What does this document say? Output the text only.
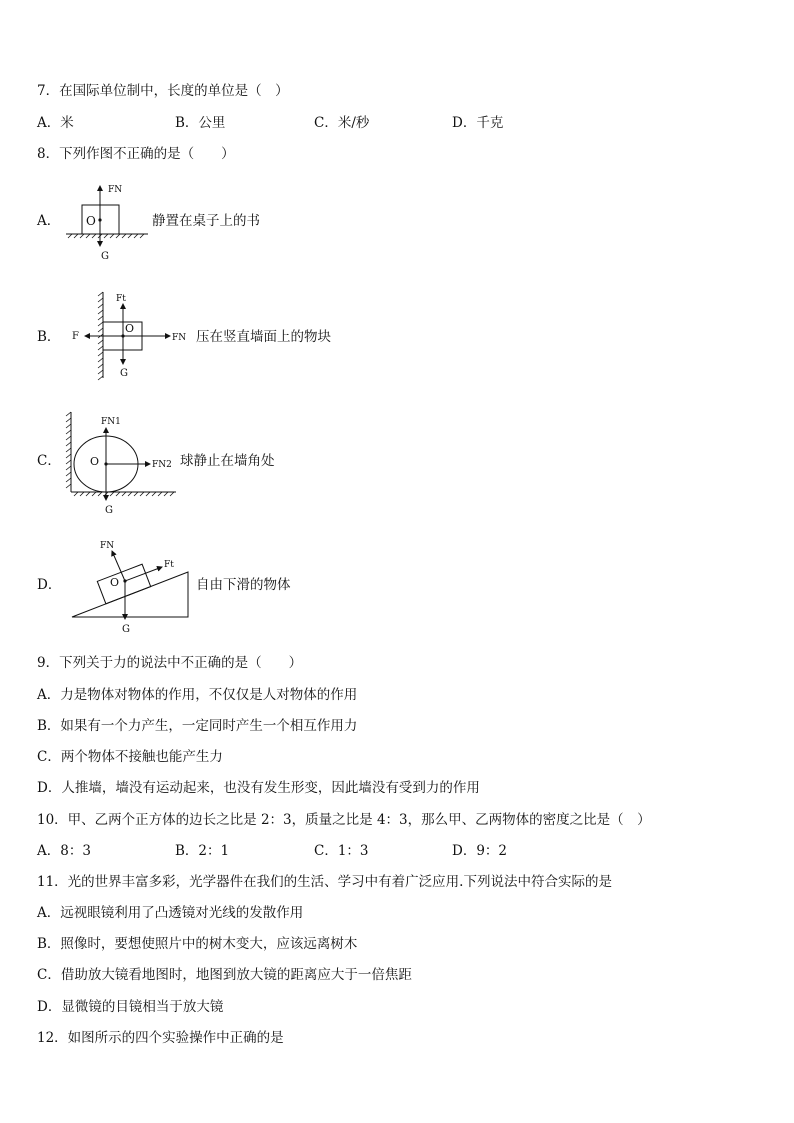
7．在国际单位制中，长度的单位是（　）
A．米	B．公里	C．米/秒	D．千克
8．下列作图不正确的是（　　）
A． O
FN
G
静置在桌子上的书
B．
O
Ft
F	FN
G
压在竖直墙面上的物块
C．	O
FN1
FN2
G
球静止在墙角处
D．	O
FN
Ft
G
自由下滑的物体
9．下列关于力的说法中不正确的是（　　）
A．力是物体对物体的作用，不仅仅是人对物体的作用
B．如果有一个力产生，一定同时产生一个相互作用力
C．两个物体不接触也能产生力
D．人推墙，墙没有运动起来，也没有发生形变，因此墙没有受到力的作用
10．甲、乙两个正方体的边长之比是 2：3，质量之比是 4：3，那么甲、乙两物体的密度之比是（　）
A．8：3	B．2：1	C．1：3	D．9：2
11．光的世界丰富多彩，光学器件在我们的生活、学习中有着广泛应用.下列说法中符合实际的是
A．远视眼镜利用了凸透镜对光线的发散作用
B．照像时，要想使照片中的树木变大，应该远离树木
C．借助放大镜看地图时，地图到放大镜的距离应大于一倍焦距
D．显微镜的目镜相当于放大镜
12．如图所示的四个实验操作中正确的是
